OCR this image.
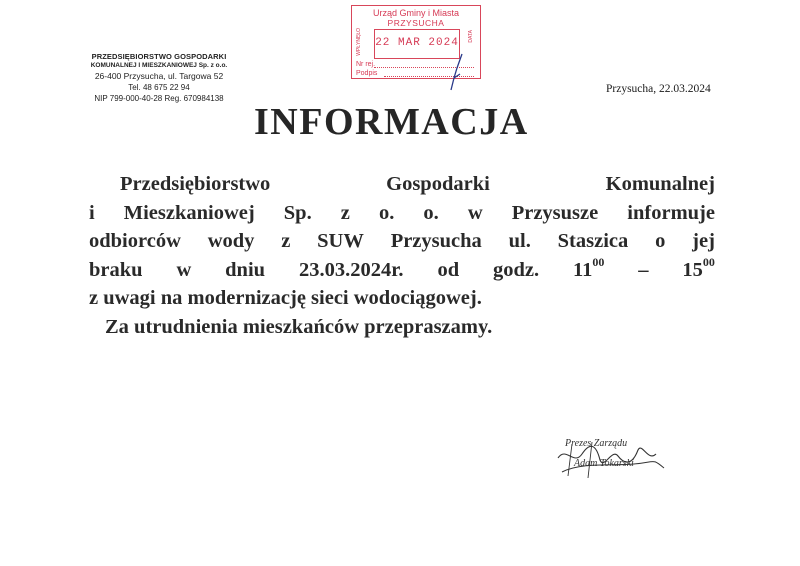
PRZEDSIĘBIORSTWO GOSPODARKI
KOMUNALNEJ I MIESZKANIOWEJ Sp. z o.o.
26-400 Przysucha, ul. Targowa 52
Tel. 48 675 22 94
NIP 799-000-40-28 Reg. 670984138
Urząd Gminy i Miasta
PRZYSUCHA
WPŁYNĘŁO 22 MAR 2024
DATA
Nr rej.
Podpis
Przysucha, 22.03.2024
INFORMACJA
Przedsiębiorstwo	Gospodarki	Komunalnej
i Mieszkaniowej Sp. z o. o. w Przysusze informuje
odbiorców wody z SUW Przysucha ul. Staszica o jej
braku w dniu 23.03.2024r. od godz. $11^{00} - 15^{00}$
z uwagi na modernizację sieci wodociągowej.
Za utrudnienia mieszkańców przepraszamy.
Prezes Zarządu
Adam Tokarski
